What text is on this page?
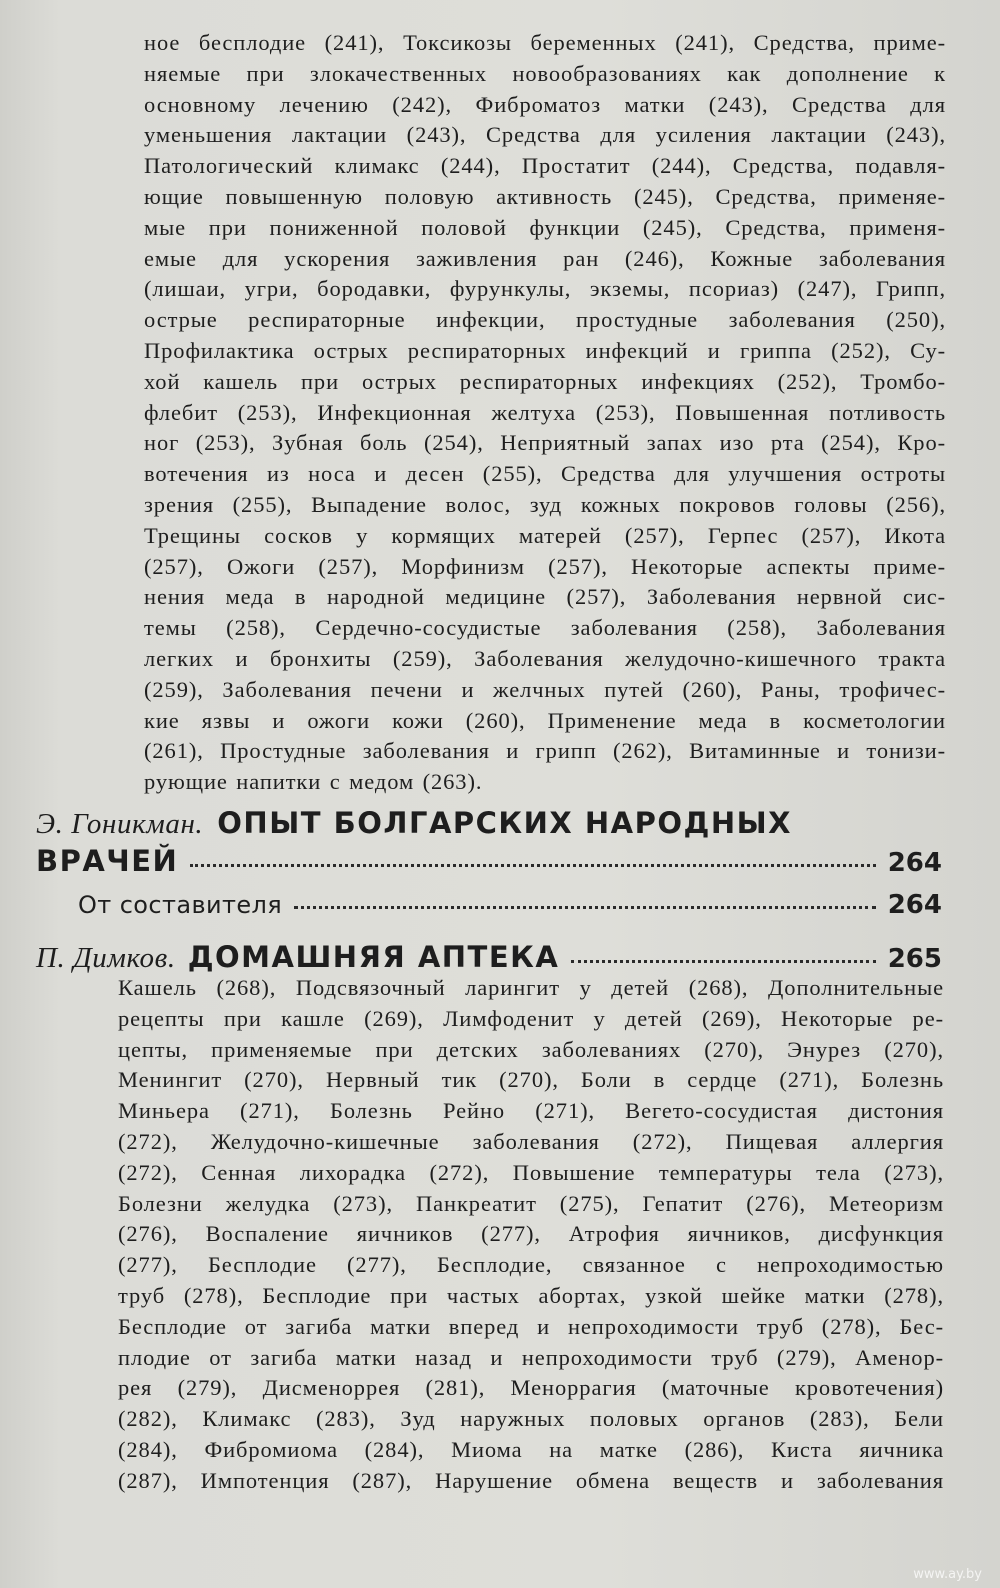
ное бесплодие (241), Токсикозы беременных (241), Средства, приме-
няемые при злокачественных новообразованиях как дополнение к
основному лечению (242), Фиброматоз матки (243), Средства для
уменьшения лактации (243), Средства для усиления лактации (243),
Патологический климакс (244), Простатит (244), Средства, подавля-
ющие повышенную половую активность (245), Средства, применяе-
мые при пониженной половой функции (245), Средства, применя-
емые для ускорения заживления ран (246), Кожные заболевания
(лишаи, угри, бородавки, фурункулы, экземы, псориаз) (247), Грипп,
острые респираторные инфекции, простудные заболевания (250),
Профилактика острых респираторных инфекций и гриппа (252), Су-
хой кашель при острых респираторных инфекциях (252), Тромбо-
флебит (253), Инфекционная желтуха (253), Повышенная потливость
ног (253), Зубная боль (254), Неприятный запах изо рта (254), Кро-
вотечения из носа и десен (255), Средства для улучшения остроты
зрения (255), Выпадение волос, зуд кожных покровов головы (256),
Трещины сосков у кормящих матерей (257), Герпес (257), Икота
(257), Ожоги (257), Морфинизм (257), Некоторые аспекты приме-
нения меда в народной медицине (257), Заболевания нервной сис-
темы (258), Сердечно-сосудистые заболевания (258), Заболевания
легких и бронхиты (259), Заболевания желудочно-кишечного тракта
(259), Заболевания печени и желчных путей (260), Раны, трофичес-
кие язвы и ожоги кожи (260), Применение меда в косметологии
(261), Простудные заболевания и грипп (262), Витаминные и тонизи-
рующие напитки с медом (263).
Э. Гоникман. ОПЫТ БОЛГАРСКИХ НАРОДНЫХ
ВРАЧЕЙ	264
От составителя	264
П. Димков. ДОМАШНЯЯ АПТЕКА	265
Кашель (268), Подсвязочный ларингит у детей (268), Дополнительные
рецепты при кашле (269), Лимфоденит у детей (269), Некоторые ре-
цепты, применяемые при детских заболеваниях (270), Энурез (270),
Менингит (270), Нервный тик (270), Боли в сердце (271), Болезнь
Миньера (271), Болезнь Рейно (271), Вегето-сосудистая дистония
(272), Желудочно-кишечные заболевания (272), Пищевая аллергия
(272), Сенная лихорадка (272), Повышение температуры тела (273),
Болезни желудка (273), Панкреатит (275), Гепатит (276), Метеоризм
(276), Воспаление яичников (277), Атрофия яичников, дисфункция
(277), Бесплодие (277), Бесплодие, связанное с непроходимостью
труб (278), Бесплодие при частых абортах, узкой шейке матки (278),
Бесплодие от загиба матки вперед и непроходимости труб (278), Бес-
плодие от загиба матки назад и непроходимости труб (279), Аменор-
рея (279), Дисменоррея (281), Меноррагия (маточные кровотечения)
(282), Климакс (283), Зуд наружных половых органов (283), Бели
(284), Фибромиома (284), Миома на матке (286), Киста яичника
(287), Импотенция (287), Нарушение обмена веществ и заболевания
www.ay.by
